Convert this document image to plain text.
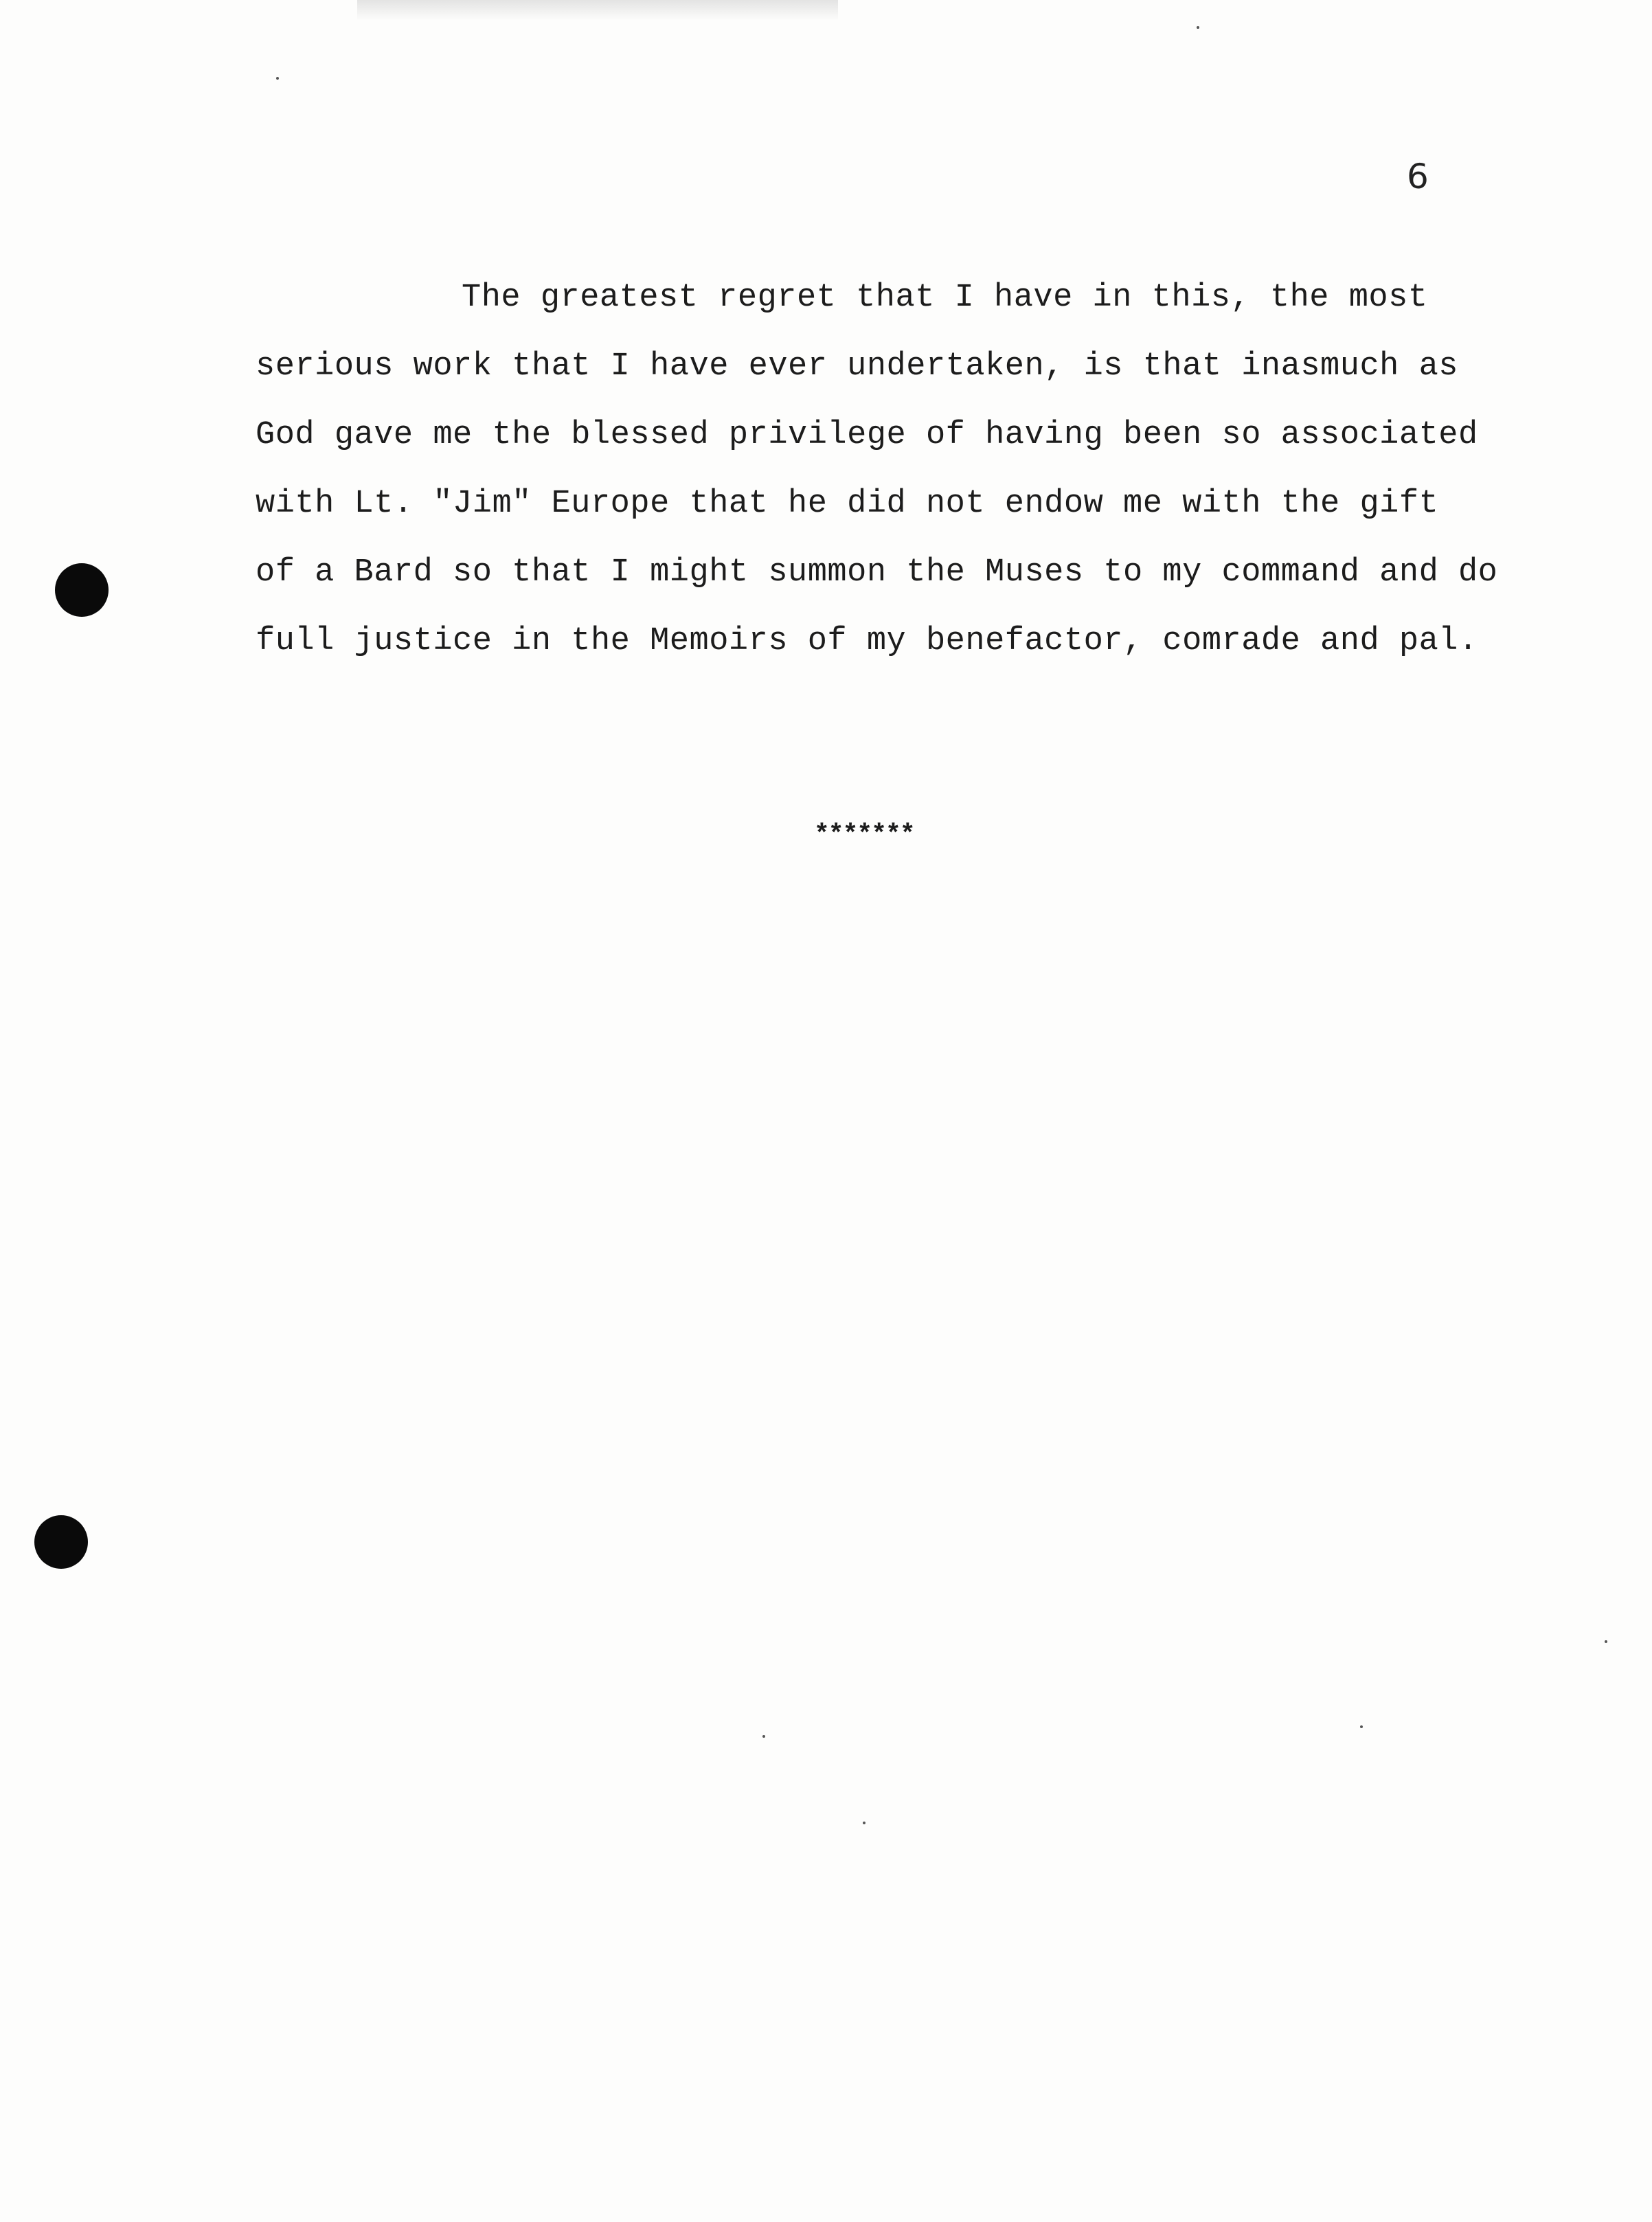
6

The greatest regret that I have in this, the most
serious work that I have ever undertaken, is that inasmuch as
God gave me the blessed privilege of having been so associated
with Lt. "Jim" Europe that he did not endow me with the gift
of a Bard so that I might summon the Muses to my command and do
full justice in the Memoirs of my benefactor, comrade and pal.

*******
